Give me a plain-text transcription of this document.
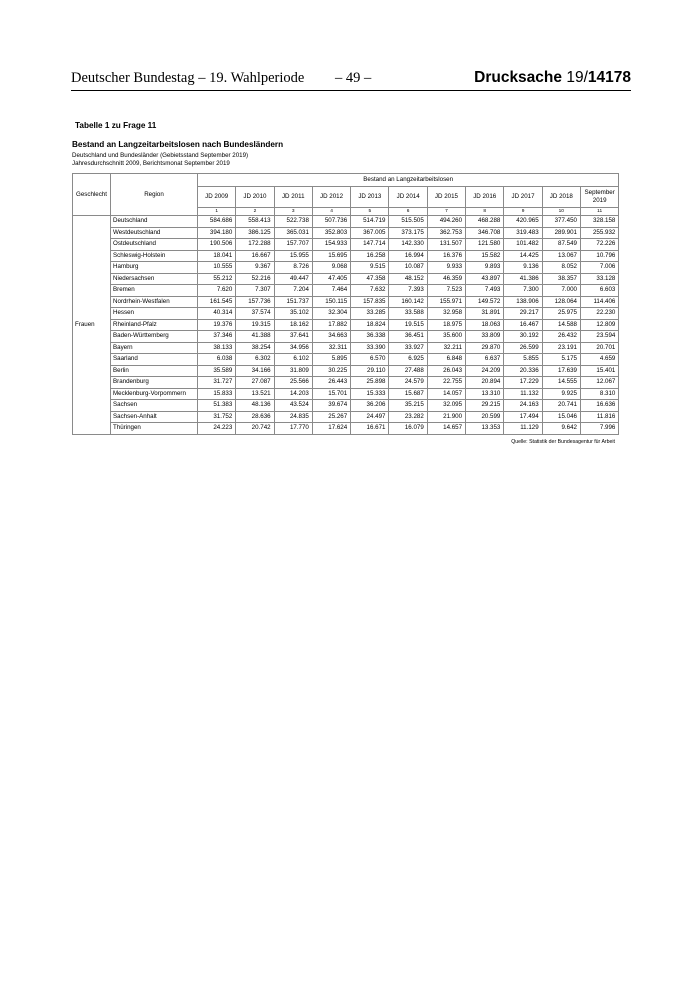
Deutscher Bundestag – 19. Wahlperiode – 49 –	Drucksache 19/14178
Tabelle 1 zu Frage 11
Bestand an Langzeitarbeitslosen nach Bundesländern
Deutschland und Bundesländer (Gebietsstand September 2019)
Jahresdurchschnitt 2009, Berichtsmonat September 2019
Geschlecht	Region	Bestand an Langzeitarbeitslosen										
		JD 2009	JD 2010	JD 2011	JD 2012	JD 2013	JD 2014	JD 2015	JD 2016	JD 2017	JD 2018	September 2019
		1	2	3	4	5	6	7	8	9	10	11
Frauen	Deutschland	584.686	558.413	522.738	507.736	514.719	515.505	494.260	468.288	420.965	377.450	328.158
	Westdeutschland	394.180	386.125	365.031	352.803	367.005	373.175	362.753	346.708	319.483	289.901	255.932
	Ostdeutschland	190.506	172.288	157.707	154.933	147.714	142.330	131.507	121.580	101.482	87.549	72.226
	Schleswig-Holstein	18.041	16.667	15.955	15.695	16.258	16.994	16.376	15.582	14.425	13.067	10.796
	Hamburg	10.555	9.367	8.726	9.068	9.515	10.087	9.933	9.893	9.136	8.052	7.006
	Niedersachsen	55.212	52.216	49.447	47.405	47.358	48.152	46.359	43.897	41.386	38.357	33.128
	Bremen	7.620	7.307	7.204	7.464	7.632	7.393	7.523	7.493	7.300	7.000	6.603
	Nordrhein-Westfalen	161.545	157.736	151.737	150.115	157.835	160.142	155.971	149.572	138.906	128.064	114.406
	Hessen	40.314	37.574	35.102	32.304	33.285	33.588	32.958	31.891	29.217	25.975	22.230
	Rheinland-Pfalz	19.376	19.315	18.162	17.882	18.824	19.515	18.975	18.063	16.467	14.588	12.809
	Baden-Württemberg	37.346	41.388	37.641	34.663	36.338	36.451	35.600	33.809	30.192	26.432	23.594
	Bayern	38.133	38.254	34.956	32.311	33.390	33.927	32.211	29.870	26.599	23.191	20.701
	Saarland	6.038	6.302	6.102	5.895	6.570	6.925	6.848	6.637	5.855	5.175	4.659
	Berlin	35.589	34.166	31.809	30.225	29.110	27.488	26.043	24.209	20.336	17.639	15.401
	Brandenburg	31.727	27.087	25.566	26.443	25.898	24.579	22.755	20.894	17.229	14.555	12.067
	Mecklenburg-Vorpommern	15.833	13.521	14.203	15.701	15.333	15.687	14.057	13.310	11.132	9.925	8.310
	Sachsen	51.383	48.136	43.524	39.674	36.206	35.215	32.095	29.215	24.163	20.741	16.636
	Sachsen-Anhalt	31.752	28.636	24.835	25.267	24.497	23.282	21.900	20.599	17.494	15.046	11.816
	Thüringen	24.223	20.742	17.770	17.624	16.671	16.079	14.657	13.353	11.129	9.642	7.996
Quelle: Statistik der Bundesagentur für Arbeit
